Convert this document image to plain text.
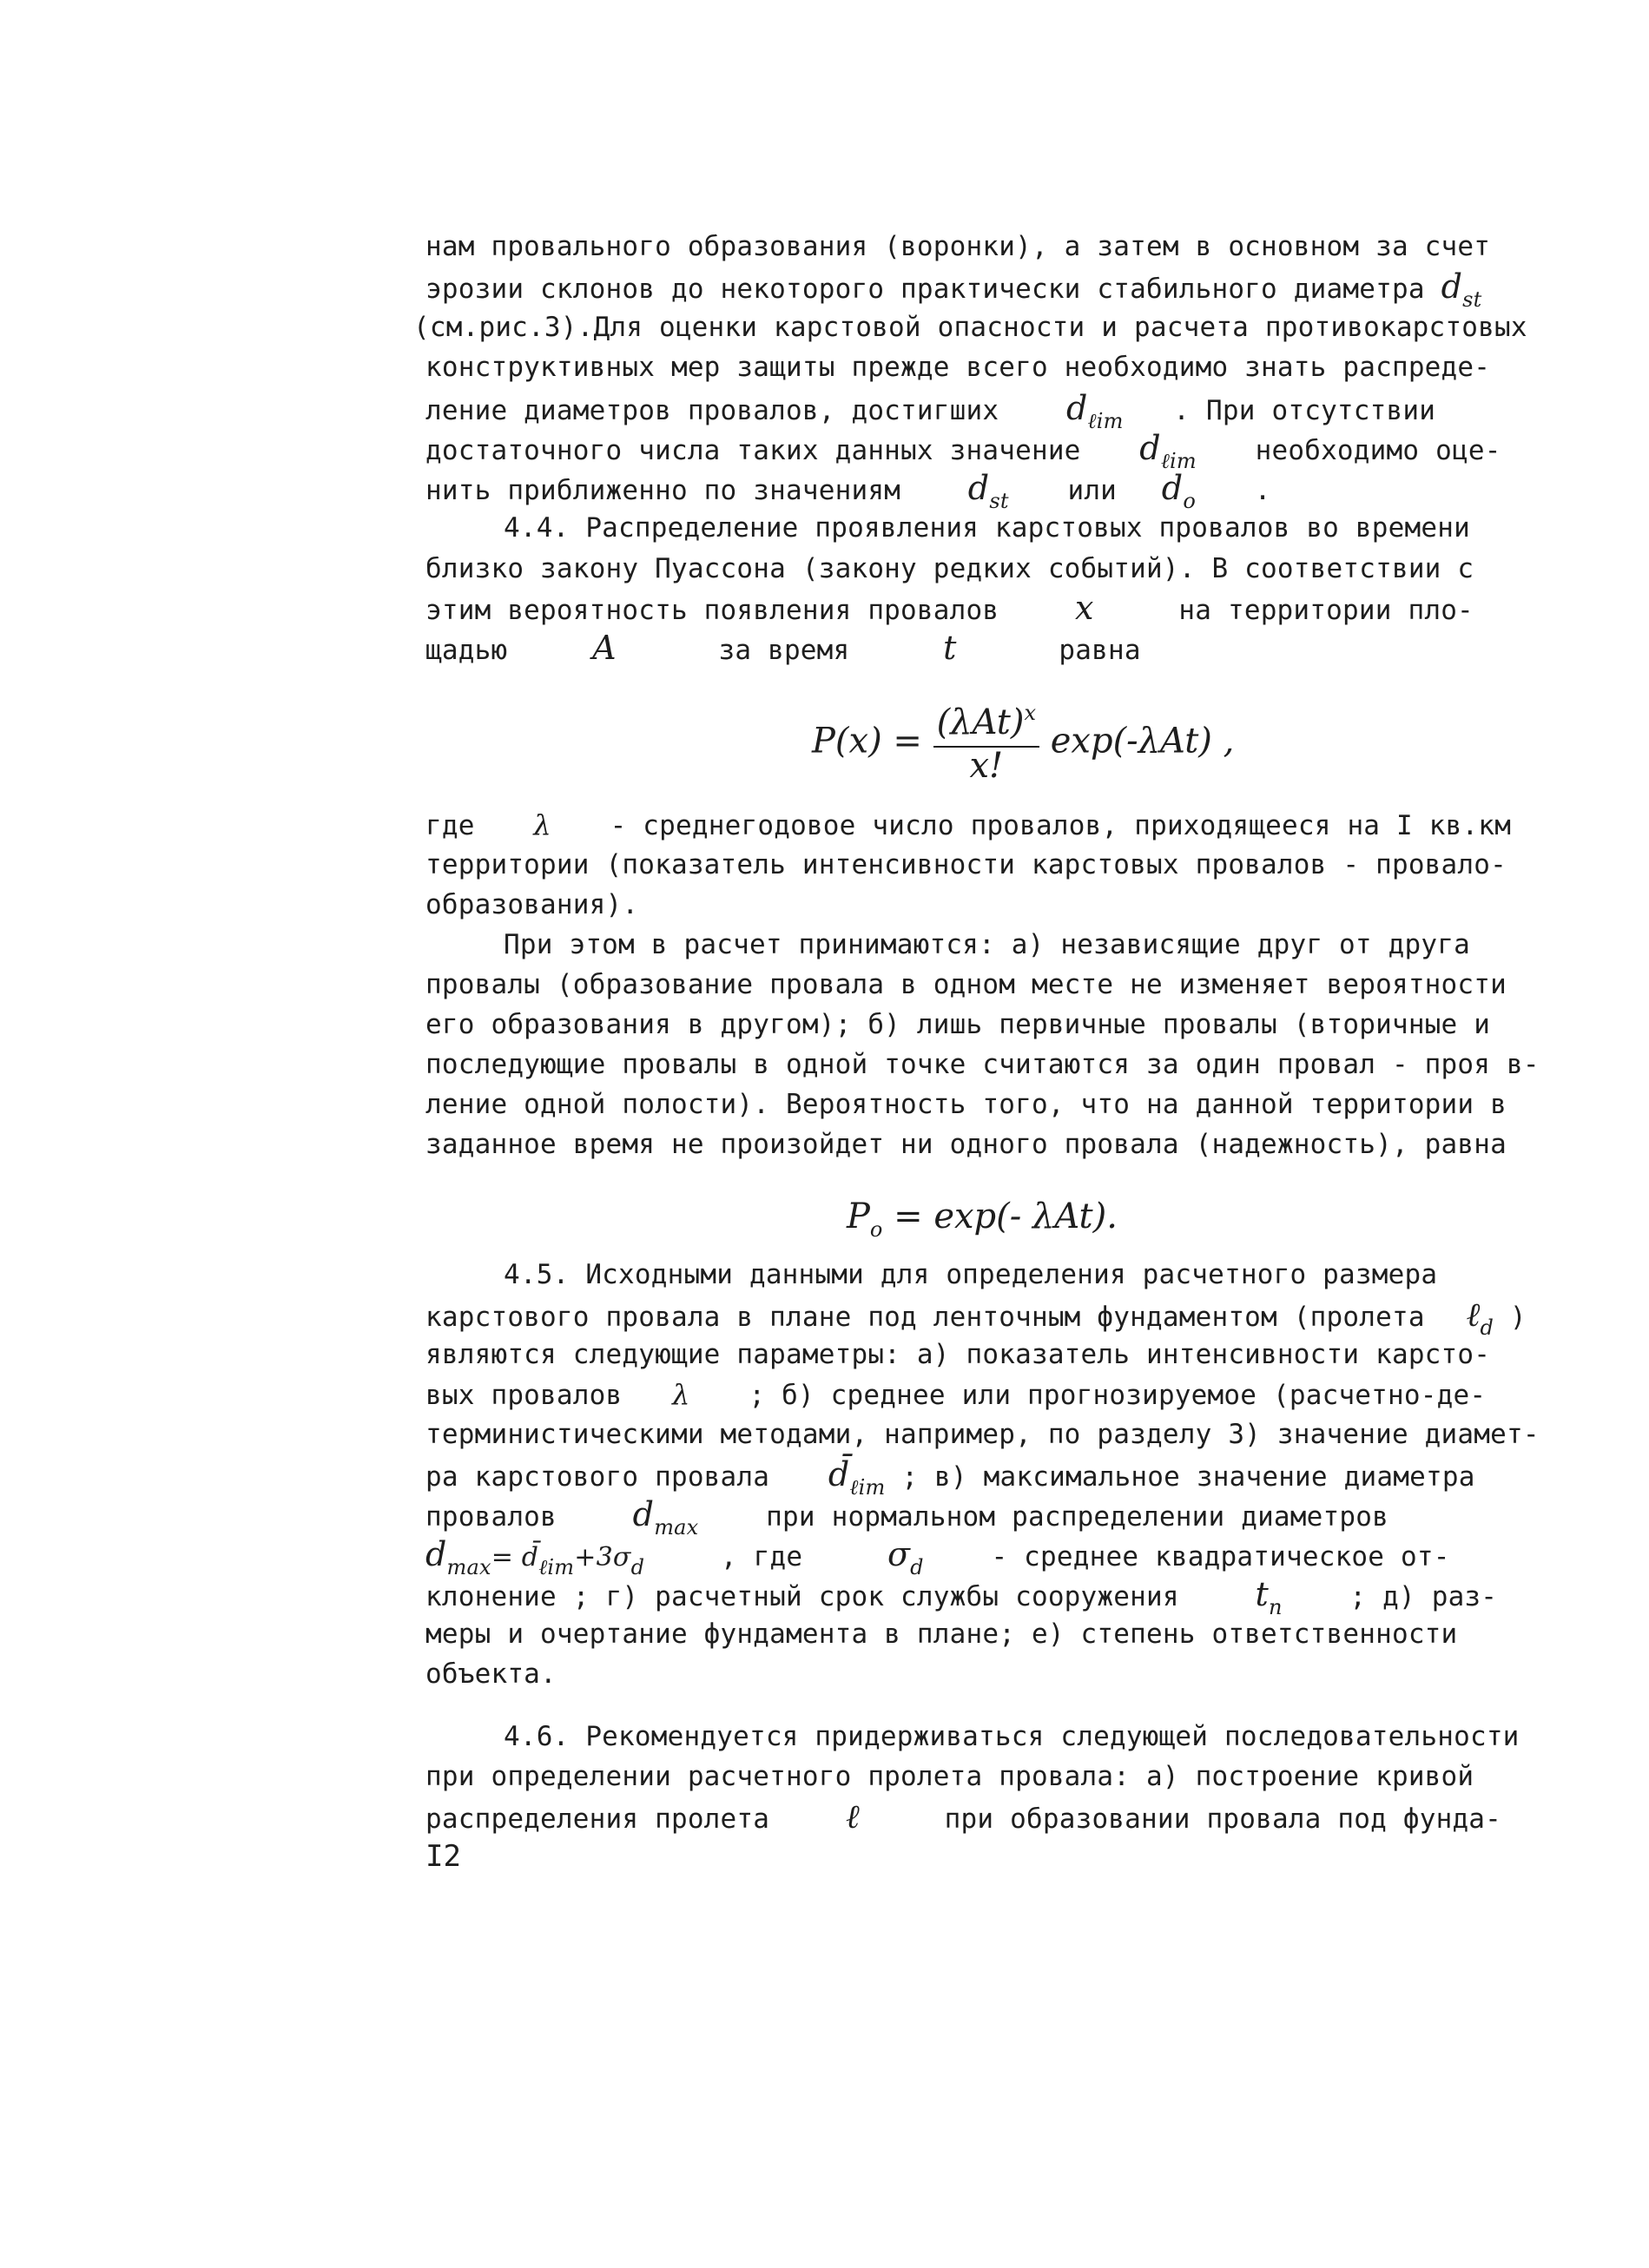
нам провального образования (воронки), а затем в основном за счет
эрозии склонов до некоторого практически стабильного диаметра $d_{st}$
(см.рис.3).Для оценки карстовой опасности и расчета противокарстовых
конструктивных мер защиты прежде всего необходимо знать распреде-
ление диаметров провалов, достигших $d_{\ell im}$ . При отсутствии
достаточного числа таких данных значение $d_{\ell im}$ необходимо оце-
нить приближенно по значениям $d_{st}$ или $d_o$ .
4.4. Распределение проявления карстовых провалов во времени
близко закону Пуассона (закону редких событий). В соответствии с
этим вероятность появления провалов x	на территории пло-
щадью	A	за время	t	равна
$P(x) = \frac{(\lambda At)^x}{x!} \exp(-\lambda At)$ ,
где λ - среднегодовое число провалов, приходящееся на I кв.км
территории (показатель интенсивности карстовых провалов - провало-
образования).
При этом в расчет принимаются: а) независящие друг от друга
провалы (образование провала в одном месте не изменяет вероятности
его образования в другом); б) лишь первичные провалы (вторичные и
последующие провалы в одной точке считаются за один провал - проя в-
ление одной полости). Вероятность того, что на данной территории в
заданное время не произойдет ни одного провала (надежность), равна
$P_o = \exp(-$ λAt).
4.5. Исходными данными для определения расчетного размера
карстового провала в плане под ленточным фундаментом (пролета ℓ$_d$ )
являются следующие параметры: а) показатель интенсивности карсто-
вых провалов λ ; б) среднее или прогнозируемое (расчетно-де-
терминистическими методами, например, по разделу 3) значение диамет-
ра карстового провала $d̄_{\ell im}$ ; в) максимальное значение диаметра
провалов $d_{max}$	при нормальном распределении диаметров
$d_{max}=$ $d̄_{\ell im}+3\sigma_d$	, где	$\sigma_d$	- среднее квадратическое от-
клонение ; г) расчетный срок службы сооружения $t_n$	; д) раз-
меры и очертание фундамента в плане; е) степень ответственности
объекта.
4.6. Рекомендуется придерживаться следующей последовательности
при определении расчетного пролета провала: а) построение кривой
распределения пролета ℓ	при образовании провала под фунда-
I2
